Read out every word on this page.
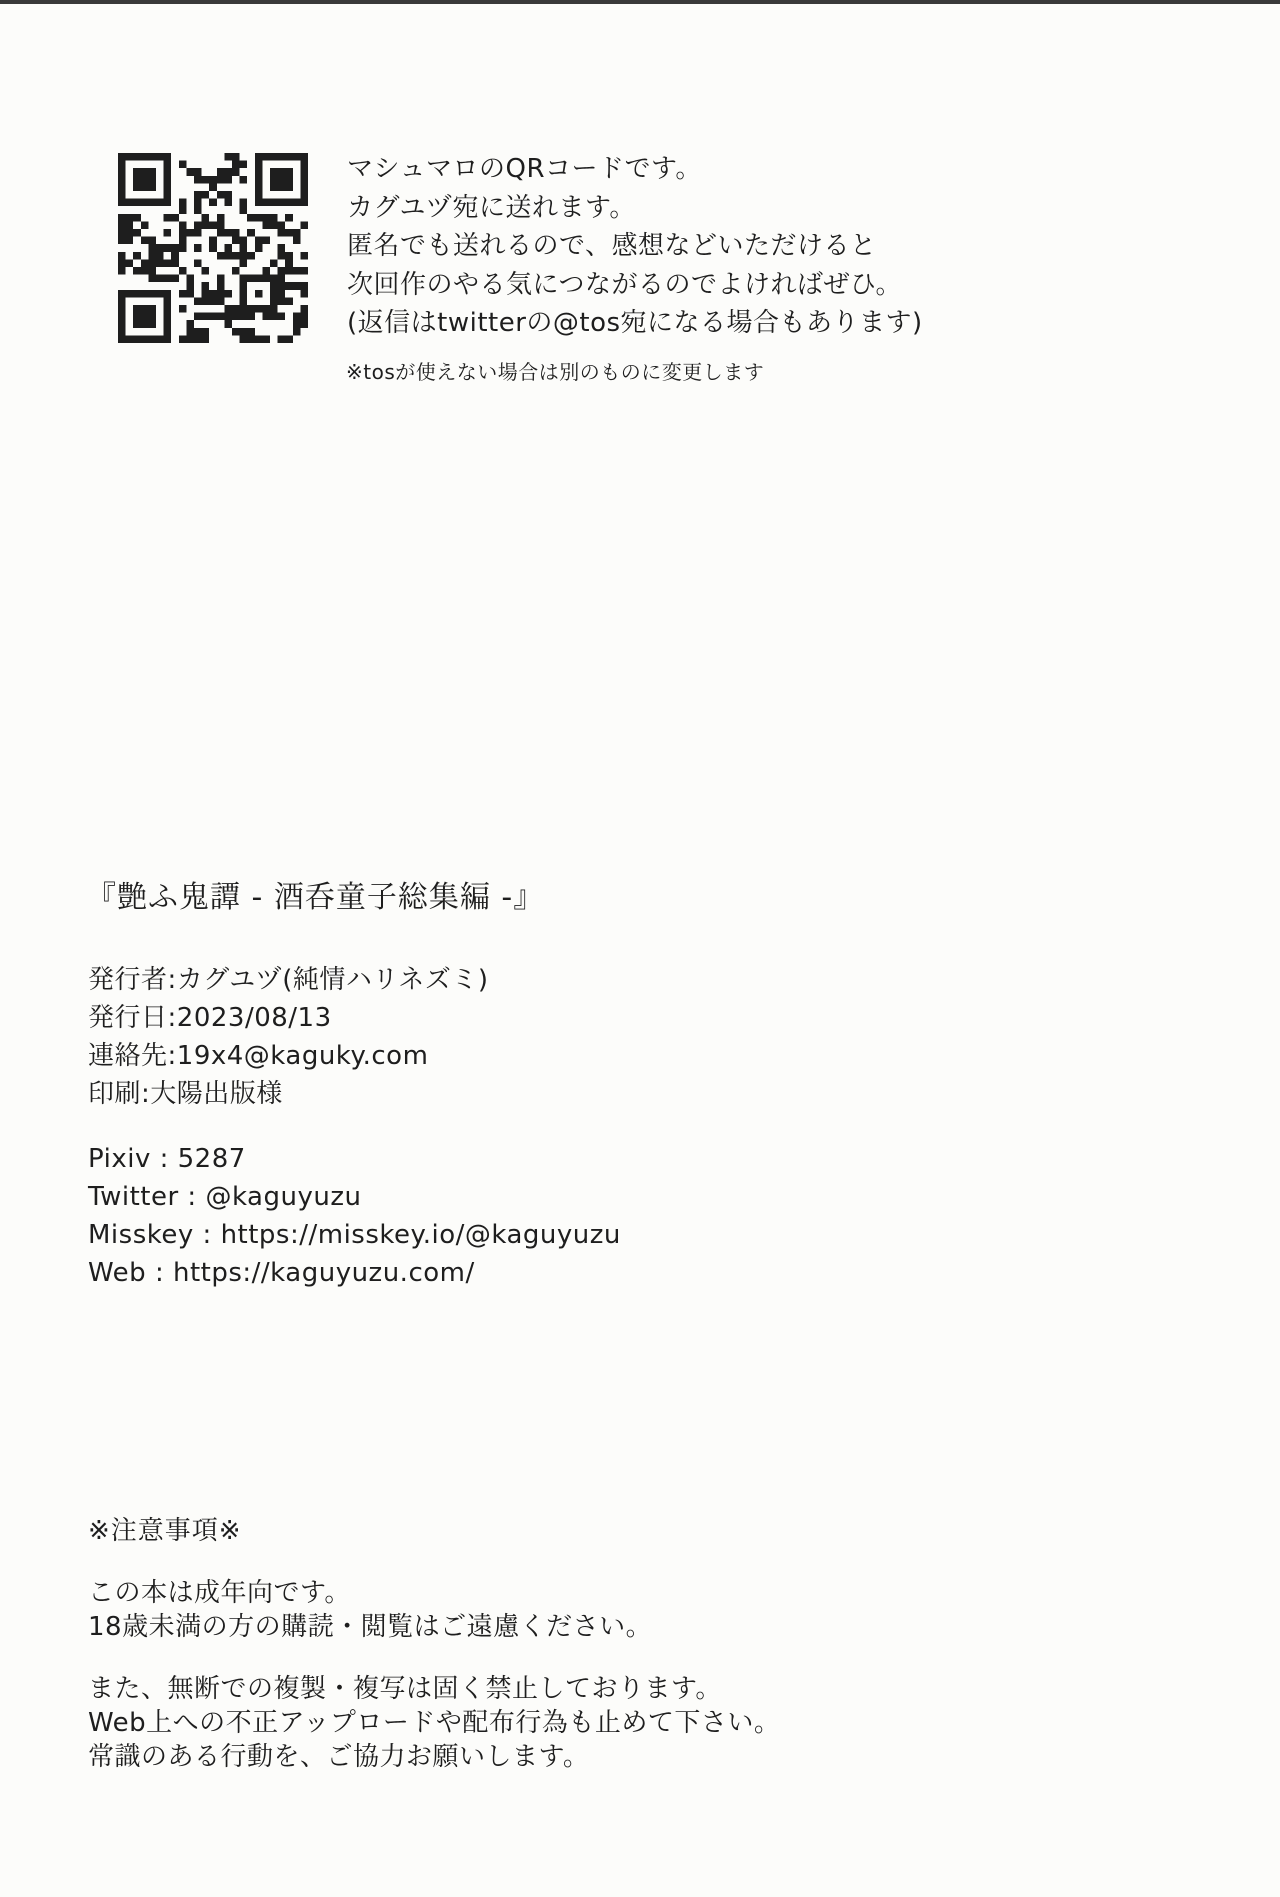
マシュマロのQRコードです。
カグユヅ宛に送れます。
匿名でも送れるので、感想などいただけると
次回作のやる気につながるのでよければぜひ。
(返信はtwitterの@tos宛になる場合もあります)
※tosが使えない場合は別のものに変更します
『艶ふ鬼譚 - 酒呑童子総集編 -』
発行者:カグユヅ(純情ハリネズミ)
発行日:2023/08/13
連絡先:19x4@kaguky.com
印刷:大陽出版様
Pixiv : 5287
Twitter : @kaguyuzu
Misskey : https://misskey.io/@kaguyuzu
Web : https://kaguyuzu.com/
※注意事項※
この本は成年向です。
18歳未満の方の購読・閲覧はご遠慮ください。
また、無断での複製・複写は固く禁止しております。
Web上への不正アップロードや配布行為も止めて下さい。
常識のある行動を、ご協力お願いします。
